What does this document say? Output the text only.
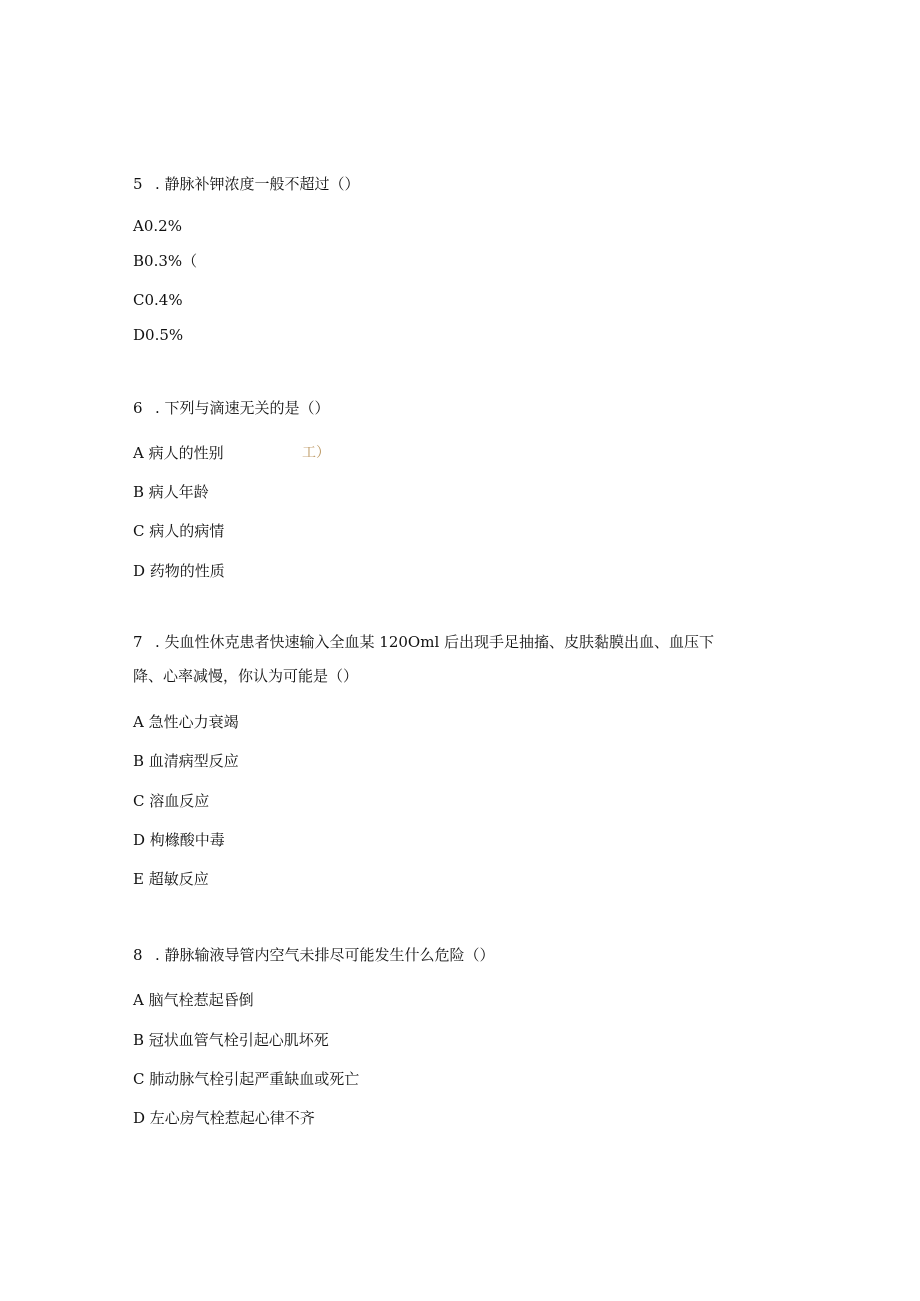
5 . 静脉补钾浓度一般不超过（）
A0.2%
B0.3%（
C0.4%
D0.5%
6 . 下列与滴速无关的是（）
A 病人的性别	工）
B 病人年龄
C 病人的病情
D 药物的性质
7 . 失血性休克患者快速输入全血某 120Oml 后出现手足抽搐、皮肤黏膜出血、血压下
降、心率减慢，你认为可能是（）
A 急性心力衰竭
B 血清病型反应
C 溶血反应
D 枸橼酸中毒
E 超敏反应
8 . 静脉输液导管内空气未排尽可能发生什么危险（）
A 脑气栓惹起昏倒
B 冠状血管气栓引起心肌坏死
C 肺动脉气栓引起严重缺血或死亡
D 左心房气栓惹起心律不齐
